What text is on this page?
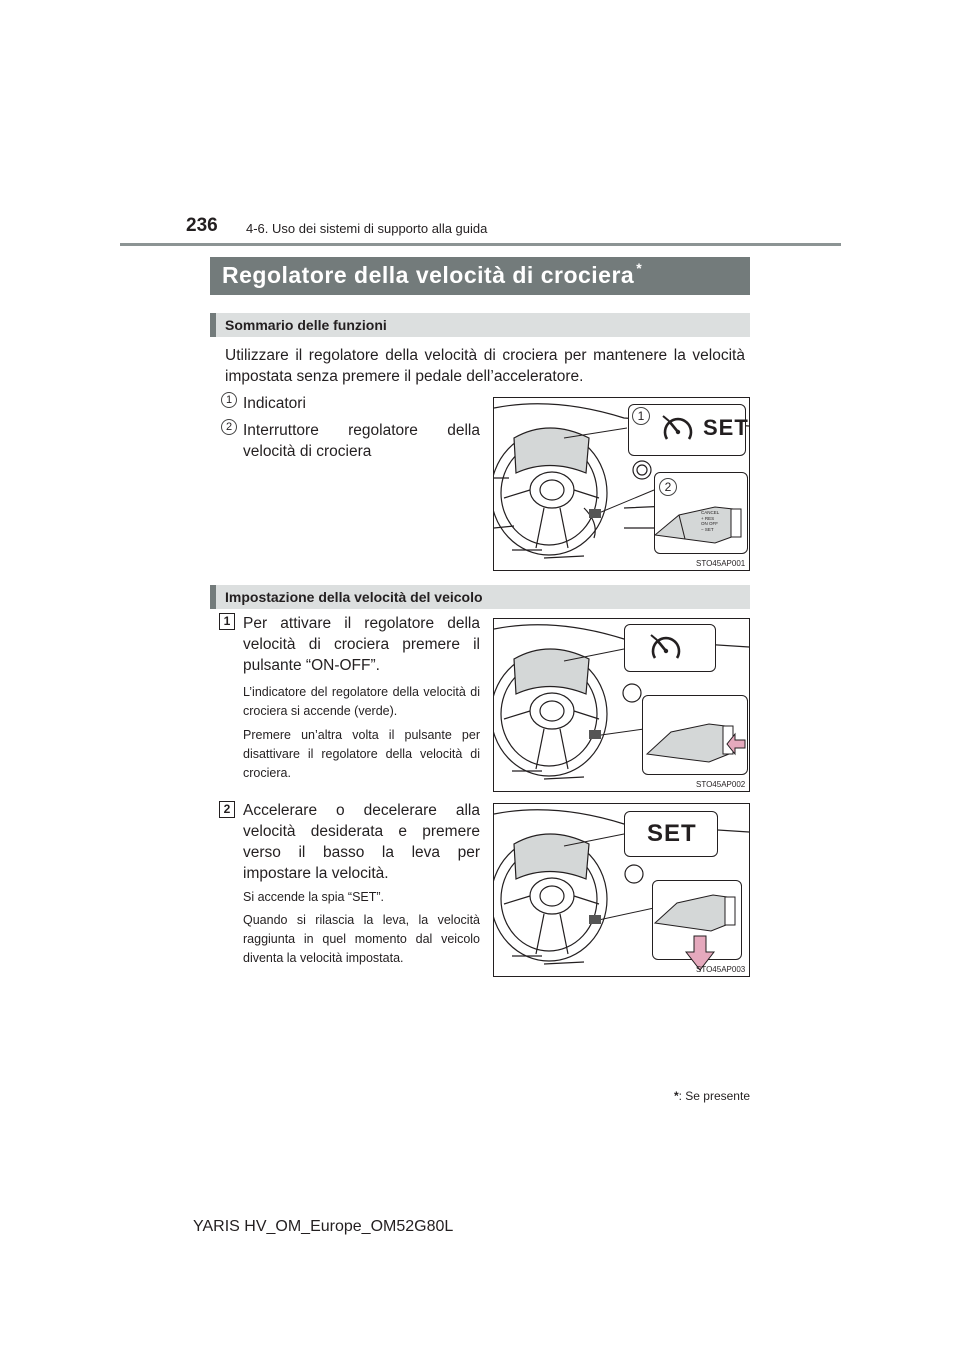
236 4-6. Uso dei sistemi di supporto alla guida
Regolatore della velocità di crociera *
Sommario delle funzioni
Utilizzare il regolatore della velocità di crociera per mantenere la velocità impostata senza premere il pedale dell’acceleratore.
1 Indicatori
2 Interruttore regolatore della velocità di crociera
SET
1
2
CANCEL
+ RES
ON OFF
− SET
STO45AP001
Impostazione della velocità del veicolo
1 Per attivare il regolatore della velocità di crociera premere il pulsante “ON-OFF”.
L’indicatore del regolatore della velocità di crociera si accende (verde).
Premere un’altra volta il pulsante per disattivare il regolatore della velocità di crociera.
STO45AP002
2 Accelerare o decelerare alla velocità desiderata e premere verso il basso la leva per impostare la velocità.
Si accende la spia “SET”.
Quando si rilascia la leva, la velocità raggiunta in quel momento dal veicolo diventa la velocità impostata.
SET
STO45AP003
*: Se presente
YARIS HV_OM_Europe_OM52G80L
